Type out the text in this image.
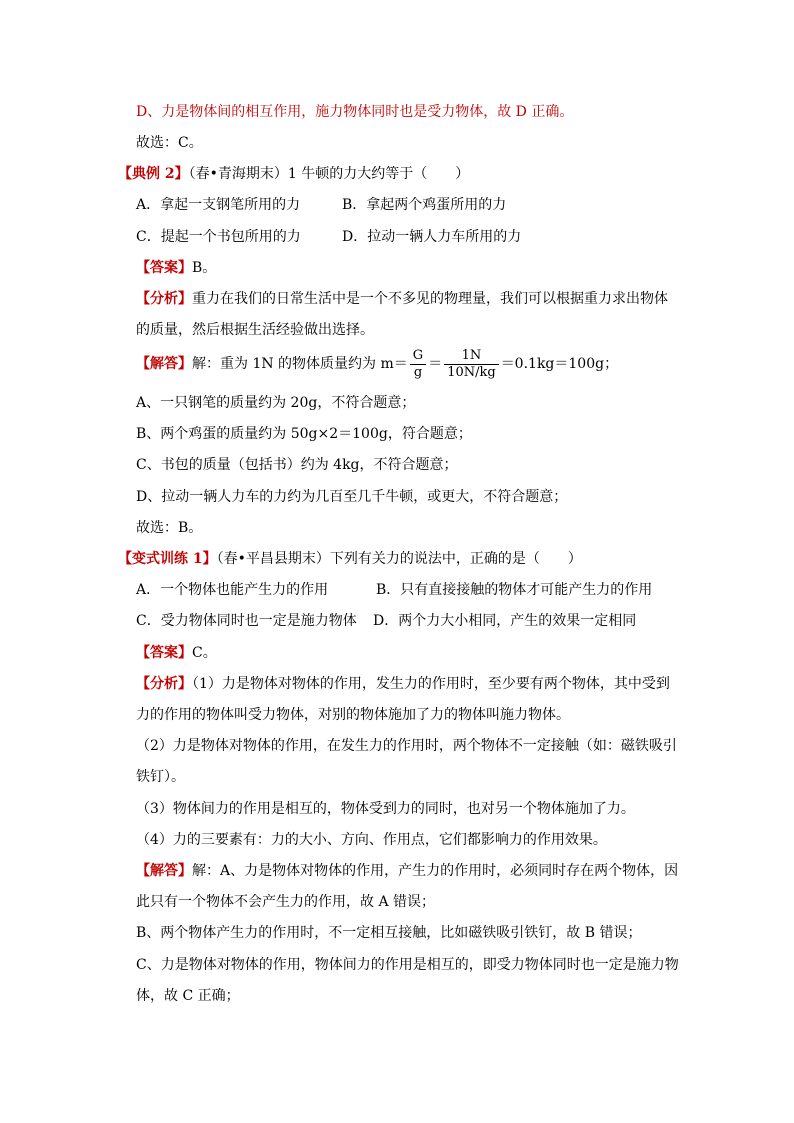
D、力是物体间的相互作用，施力物体同时也是受力物体，故 D 正确。
故选：C。
【典例 2】（春•青海期末）1 牛顿的力大约等于（　　）
A．拿起一支钢笔所用的力	B．拿起两个鸡蛋所用的力
C．提起一个书包所用的力	D．拉动一辆人力车所用的力
【答案】B。
【分析】重力在我们的日常生活中是一个不多见的物理量，我们可以根据重力求出物体
的质量，然后根据生活经验做出选择。
【解答】解：重为 1N 的物体质量约为 $m= \frac{G}{g} = \frac{1N}{10N/kg} =0.1kg=100g$；
A、一只钢笔的质量约为 20g，不符合题意；
B、两个鸡蛋的质量约为 50g×2＝100g，符合题意；
C、书包的质量（包括书）约为 4kg，不符合题意；
D、拉动一辆人力车的力约为几百至几千牛顿，或更大，不符合题意；
故选：B。
【变式训练 1】（春•平昌县期末）下列有关力的说法中，正确的是（　　）
A．一个物体也能产生力的作用	B．只有直接接触的物体才可能产生力的作用
C．受力物体同时也一定是施力物体 D．两个力大小相同，产生的效果一定相同
【答案】C。
【分析】（1）力是物体对物体的作用，发生力的作用时，至少要有两个物体，其中受到
力的作用的物体叫受力物体，对别的物体施加了力的物体叫施力物体。
（2）力是物体对物体的作用，在发生力的作用时，两个物体不一定接触（如：磁铁吸引
铁钉）。
（3）物体间力的作用是相互的，物体受到力的同时，也对另一个物体施加了力。
（4）力的三要素有：力的大小、方向、作用点，它们都影响力的作用效果。
【解答】解：A、力是物体对物体的作用，产生力的作用时，必须同时存在两个物体，因
此只有一个物体不会产生力的作用，故 A 错误；
B、两个物体产生力的作用时，不一定相互接触，比如磁铁吸引铁钉，故 B 错误；
C、力是物体对物体的作用，物体间力的作用是相互的，即受力物体同时也一定是施力物
体，故 C 正确；
